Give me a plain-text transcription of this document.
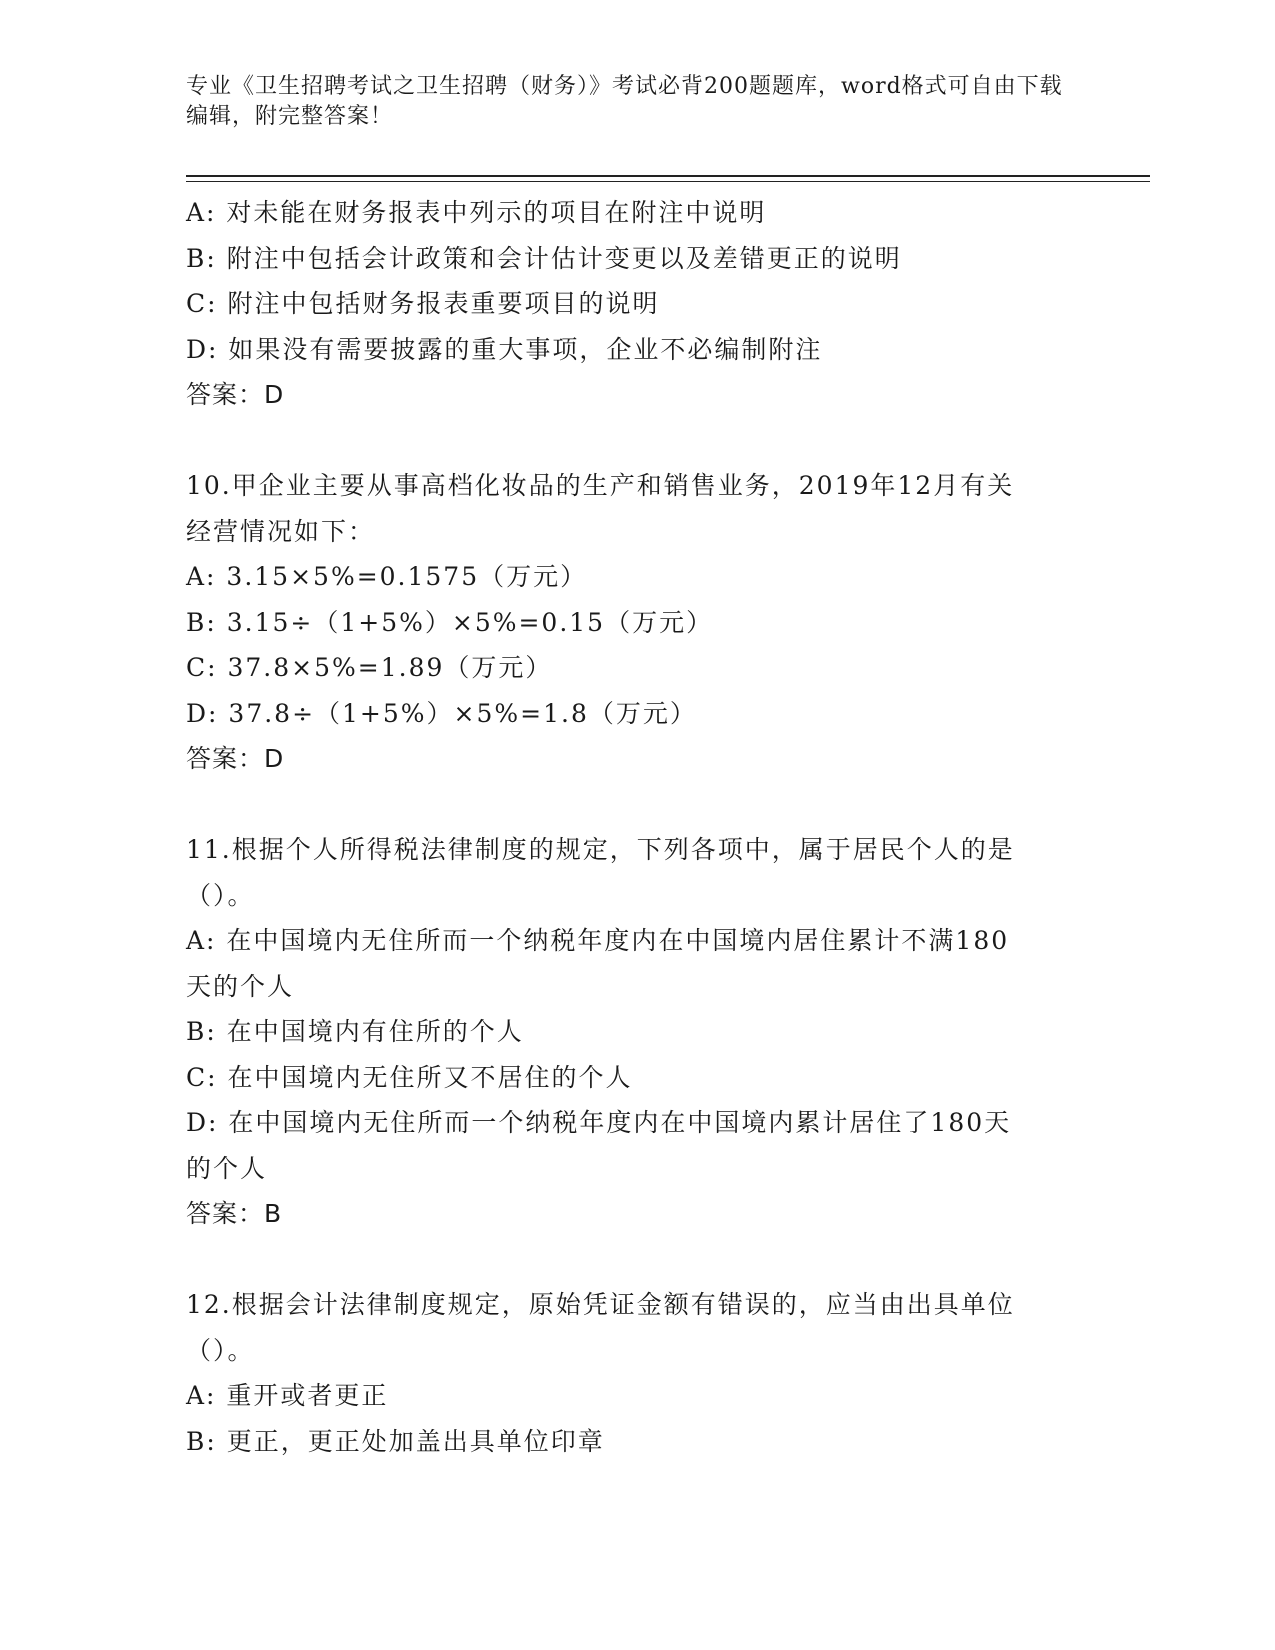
专业《卫生招聘考试之卫生招聘（财务）》考试必背200题题库，word格式可自由下载编辑，附完整答案！
A: 对未能在财务报表中列示的项目在附注中说明
B: 附注中包括会计政策和会计估计变更以及差错更正的说明
C: 附注中包括财务报表重要项目的说明
D: 如果没有需要披露的重大事项，企业不必编制附注
答案：D
10.甲企业主要从事高档化妆品的生产和销售业务，2019年12月有关
经营情况如下：
A: 3.15×5%=0.1575（万元）
B: 3.15÷（1+5%）×5%=0.15（万元）
C: 37.8×5%=1.89（万元）
D: 37.8÷（1+5%）×5%=1.8（万元）
答案：D
11.根据个人所得税法律制度的规定，下列各项中，属于居民个人的是
（）。
A: 在中国境内无住所而一个纳税年度内在中国境内居住累计不满180
天的个人
B: 在中国境内有住所的个人
C: 在中国境内无住所又不居住的个人
D: 在中国境内无住所而一个纳税年度内在中国境内累计居住了180天
的个人
答案：B
12.根据会计法律制度规定，原始凭证金额有错误的，应当由出具单位
（）。
A: 重开或者更正
B: 更正，更正处加盖出具单位印章
